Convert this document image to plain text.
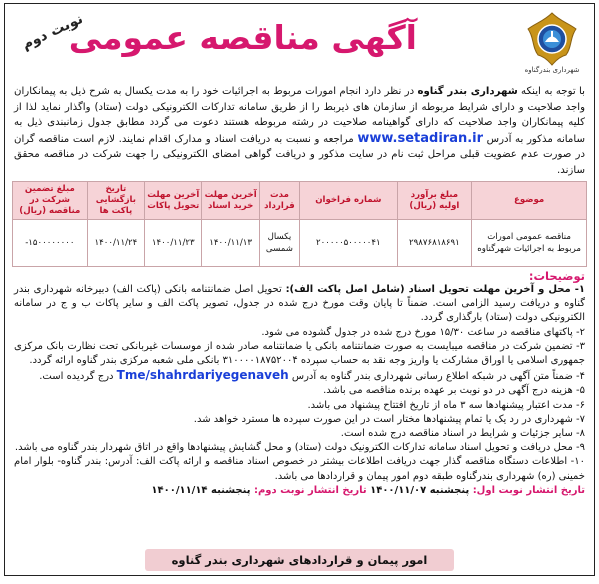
شهرداری بندرگناوه
آگهی مناقصه عمومی
نوبت دوم

با توجه به اینکه شهرداری بندر گناوه در نظر دارد انجام امورات مربوط به اجرائیات خود را به مدت یکسال به شرح ذیل به پیمانکاران واجد صلاحیت و دارای شرایط مربوطه از سازمان های ذیربط را از طریق سامانه تدارکات الکترونیکی دولت (ستاد) واگذار نماید لذا از کلیه پیمانکاران واجد صلاحیت که دارای گواهینامه صلاحیت در رشته مربوطه هستند دعوت می گردد مطابق جدول زمانبندی ذیل به سامانه مذکور به آدرس www.setadiran.ir مراجعه و نسبت به دریافت اسناد و مدارک اقدام نمایند. لازم است مناقصه گران در صورت عدم عضویت قبلی مراحل ثبت نام در سایت مذکور و دریافت گواهی امضای الکترونیکی را جهت شرکت در مناقصه محقق سازند.

موضوع	مبلغ برآورد اولیه (ریال)	شماره فراخوان	مدت قرارداد	آخرین مهلت خرید اسناد	آخرین مهلت تحویل پاکات	تاریخ بازگشایی پاکت ها	مبلغ تضمین شرکت در مناقصه (ریال)
مناقصه عمومی امورات مربوط به اجرائیات شهرگناوه	۲۹۸۷۶۸۱۸۶۹۱	۲۰۰۰۰۰۵۰۰۰۰۰۴۱	یکسال شمسی	۱۴۰۰/۱۱/۱۳	۱۴۰۰/۱۱/۲۳	۱۴۰۰/۱۱/۲۴	۱۵۰۰۰۰۰۰۰۰-
توضیحات:

۱- محل و آخرین مهلت تحویل اسناد (شامل اصل پاکت الف): تحویل اصل ضمانتنامه بانکی (پاکت الف) دبیرخانه شهرداری بندر گناوه و دریافت رسید الزامی است. ضمناً تا پایان وقت مورخ درج شده در جدول، تصویر پاکت الف و سایر پاکات ب و ج در سامانه الکترونیکی دولت (ستاد) بارگذاری گردد.

۲- پاکتهای مناقصه در ساعت ۱۵/۳۰ مورخ درج شده در جدول گشوده می شود.

۳- تضمین شرکت در مناقصه میبایست به صورت ضمانتنامه بانکی یا ضمانتنامه صادر شده از موسسات غیربانکی تحت نظارت بانک مرکزی جمهوری اسلامی یا اوراق مشارکت یا واریز وجه نقد به حساب سپرده ۳۱۰۰۰۰۱۸۷۵۲۰۰۴ بانکی ملی شعبه مرکزی بندر گناوه ارائه گردد.

۴- ضمناً متن آگهی در شبکه اطلاع رسانی شهرداری بندر گناوه به آدرس Tme/shahrdariyegenaveh درج گردیده است.

۵- هزینه درج آگهی در دو نوبت بر عهده برنده مناقصه می باشد.

۶- مدت اعتبار پیشنهادها سه ۳ ماه از تاریخ افتتاح پیشنهاد می باشد.

۷- شهرداری در رد یک یا تمام پیشنهادها مختار است در این صورت سپرده ها مسترد خواهد شد.

۸- سایر جزئیات و شرایط در اسناد مناقصه درج شده است.

۹- محل دریافت و تحویل اسناد سامانه تدارکات الکترونیک دولت (ستاد) و محل گشایش پیشنهادها واقع در اتاق شهردار بندر گناوه می باشد.

۱۰- اطلاعات دستگاه مناقصه گذار جهت دریافت اطلاعات بیشتر در خصوص اسناد مناقصه و ارائه پاکت الف: آدرس: بندر گناوه- بلوار امام خمینی (ره) شهرداری بندرگناوه طبقه دوم امور پیمان و قراردادها می باشد.

تاریخ انتشار نوبت اول: پنجشنبه ۱۴۰۰/۱۱/۰۷ تاریخ انتشار نوبت دوم: پنجشنبه ۱۴۰۰/۱۱/۱۴
امور پیمان و قراردادهای شهرداری بندر گناوه
